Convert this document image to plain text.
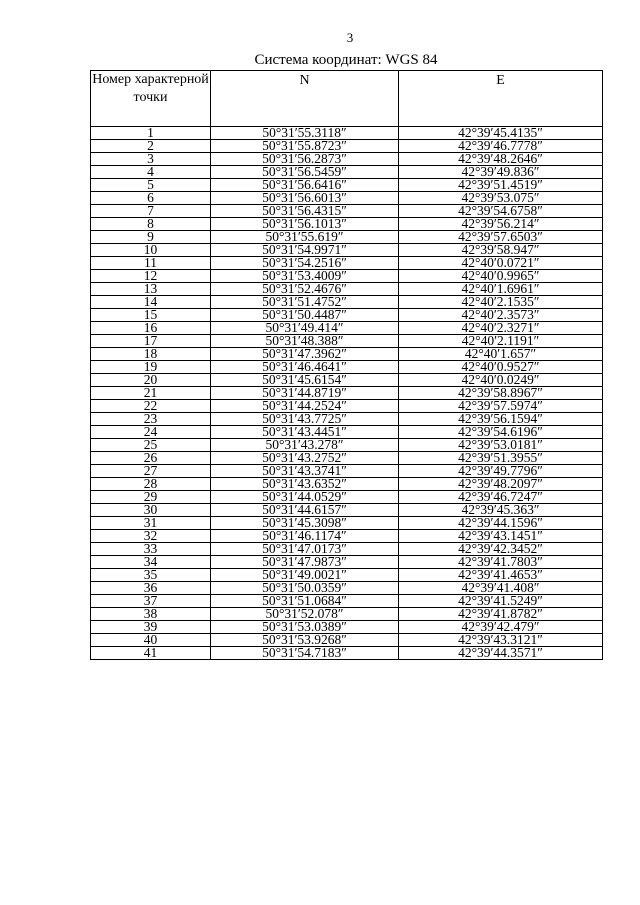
3
Система координат: WGS 84
Номер характерной точки	N	E
1	50°31′55.3118″	42°39′45.4135″
2	50°31′55.8723″	42°39′46.7778″
3	50°31′56.2873″	42°39′48.2646″
4	50°31′56.5459″	42°39′49.836″
5	50°31′56.6416″	42°39′51.4519″
6	50°31′56.6013″	42°39′53.075″
7	50°31′56.4315″	42°39′54.6758″
8	50°31′56.1013″	42°39′56.214″
9	50°31′55.619″	42°39′57.6503″
10	50°31′54.9971″	42°39′58.947″
11	50°31′54.2516″	42°40′0.0721″
12	50°31′53.4009″	42°40′0.9965″
13	50°31′52.4676″	42°40′1.6961″
14	50°31′51.4752″	42°40′2.1535″
15	50°31′50.4487″	42°40′2.3573″
16	50°31′49.414″	42°40′2.3271″
17	50°31′48.388″	42°40′2.1191″
18	50°31′47.3962″	42°40′1.657″
19	50°31′46.4641″	42°40′0.9527″
20	50°31′45.6154″	42°40′0.0249″
21	50°31′44.8719″	42°39′58.8967″
22	50°31′44.2524″	42°39′57.5974″
23	50°31′43.7725″	42°39′56.1594″
24	50°31′43.4451″	42°39′54.6196″
25	50°31′43.278″	42°39′53.0181″
26	50°31′43.2752″	42°39′51.3955″
27	50°31′43.3741″	42°39′49.7796″
28	50°31′43.6352″	42°39′48.2097″
29	50°31′44.0529″	42°39′46.7247″
30	50°31′44.6157″	42°39′45.363″
31	50°31′45.3098″	42°39′44.1596″
32	50°31′46.1174″	42°39′43.1451″
33	50°31′47.0173″	42°39′42.3452″
34	50°31′47.9873″	42°39′41.7803″
35	50°31′49.0021″	42°39′41.4653″
36	50°31′50.0359″	42°39′41.408″
37	50°31′51.0684″	42°39′41.5249″
38	50°31′52.078″	42°39′41.8782″
39	50°31′53.0389″	42°39′42.479″
40	50°31′53.9268″	42°39′43.3121″
41	50°31′54.7183″	42°39′44.3571″
